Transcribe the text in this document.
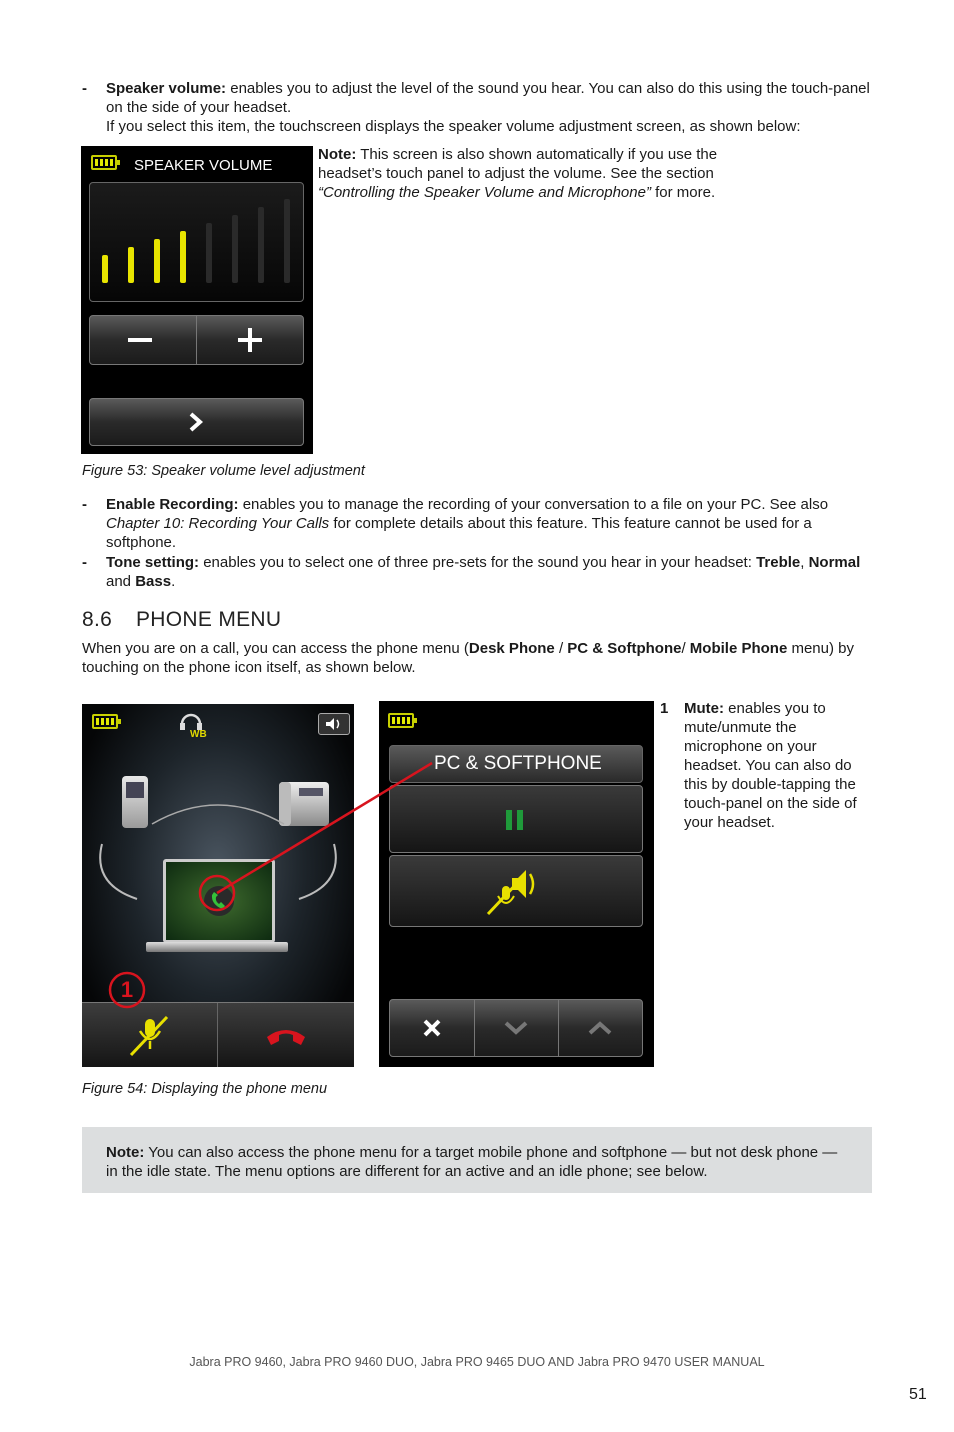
- Speaker volume: enables you to adjust the level of the sound you hear. You can also do this using the touch-panel on the side of your headset.
If you select this item, the touchscreen displays the speaker volume adjustment screen, as shown below:
SPEAKER VOLUME
Note: This screen is also shown automatically if you use the headset’s touch panel to adjust the volume. See the section “Controlling the Speaker Volume and Microphone” for more.
Figure 53: Speaker volume level adjustment
- Enable Recording: enables you to manage the recording of your conversation to a file on your PC. See also Chapter 10: Recording Your Calls for complete details about this feature. This feature cannot be used for a softphone.
- Tone setting: enables you to select one of three pre-sets for the sound you hear in your headset: Treble, Normal and Bass.
8.6 PHONE MENU
When you are on a call, you can access the phone menu (Desk Phone / PC & Softphone/ Mobile Phone menu) by touching on the phone icon itself, as shown below.
WB
PC & SOFTPHONE
1
1 Mute: enables you to mute/unmute the microphone on your headset. You can also do this by double-tapping the touch-panel on the side of your headset.
Figure 54: Displaying the phone menu
Note: You can also access the phone menu for a target mobile phone and softphone — but not desk phone — in the idle state. The menu options are different for an active and an idle phone; see below.
Jabra PRO 9460, Jabra PRO 9460 DUO, Jabra PRO 9465 DUO AND Jabra PRO 9470 USER MANUAL
51
